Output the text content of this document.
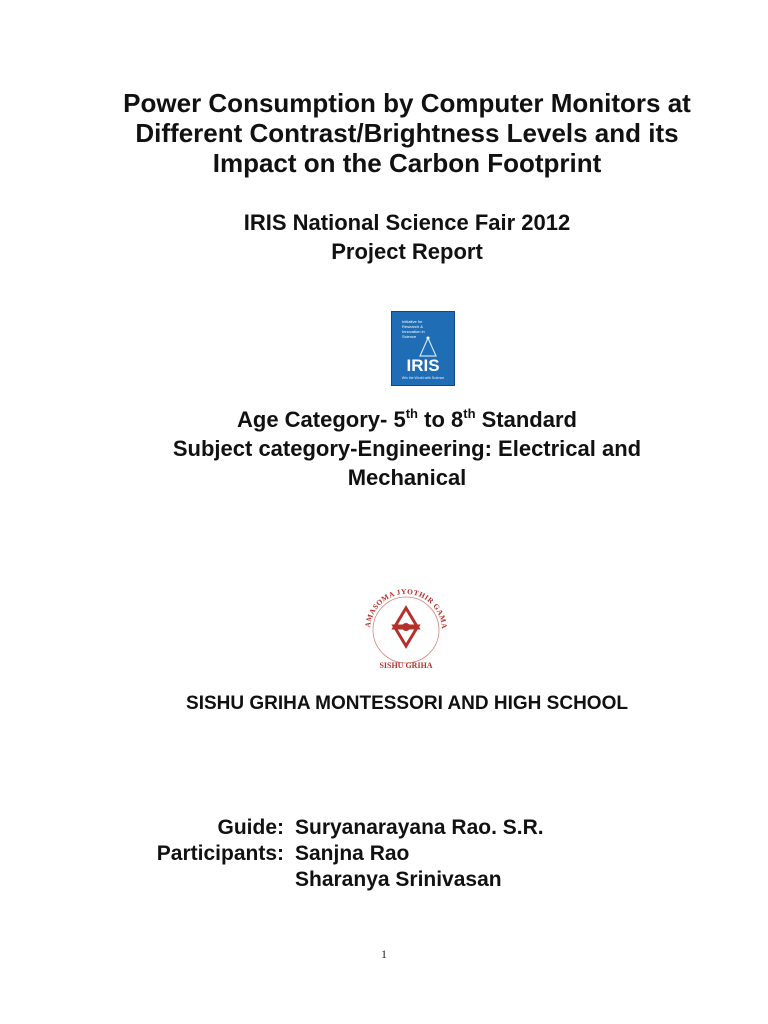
Power Consumption by Computer Monitors at
Different Contrast/Brightness Levels and its
Impact on the Carbon Footprint
IRIS National Science Fair 2012
Project Report
Initiative for
Research &
Innovation in
Science
IRIS
Win the World with Science
Age Category- 5th to 8th Standard
Subject category-Engineering: Electrical and
Mechanical
AMASOMA JYOTHIR GAMA
SISHU GRIHA
SISHU GRIHA MONTESSORI AND HIGH SCHOOL
Guide: Suryanarayana Rao. S.R.
Participants: Sanjna Rao
Sharanya Srinivasan
1
